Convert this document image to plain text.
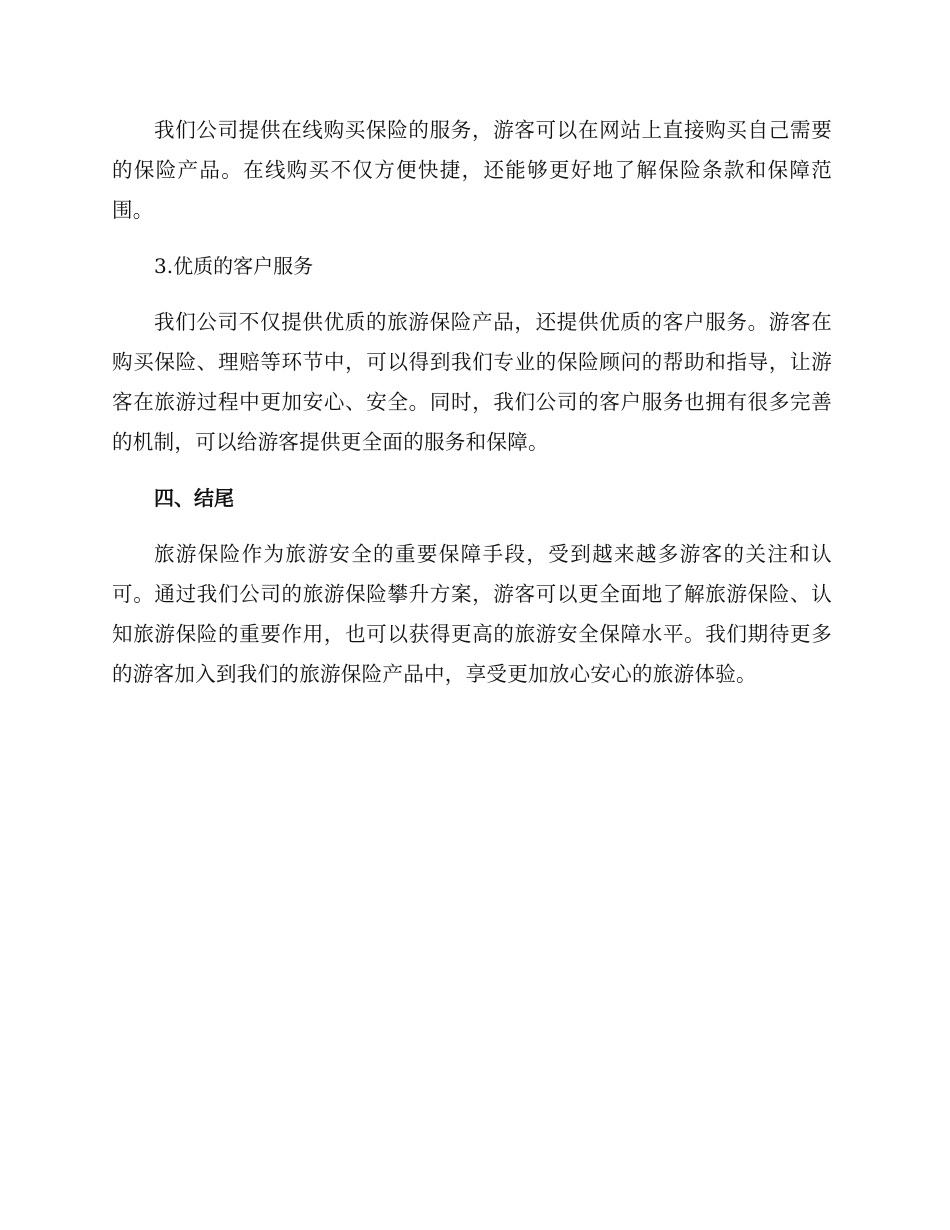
我们公司提供在线购买保险的服务，游客可以在网站上直接购买自己需要的保险产品。在线购买不仅方便快捷，还能够更好地了解保险条款和保障范围。

3.优质的客户服务

我们公司不仅提供优质的旅游保险产品，还提供优质的客户服务。游客在购买保险、理赔等环节中，可以得到我们专业的保险顾问的帮助和指导，让游客在旅游过程中更加安心、安全。同时，我们公司的客户服务也拥有很多完善的机制，可以给游客提供更全面的服务和保障。

四、结尾

旅游保险作为旅游安全的重要保障手段，受到越来越多游客的关注和认可。通过我们公司的旅游保险攀升方案，游客可以更全面地了解旅游保险、认知旅游保险的重要作用，也可以获得更高的旅游安全保障水平。我们期待更多的游客加入到我们的旅游保险产品中，享受更加放心安心的旅游体验。
